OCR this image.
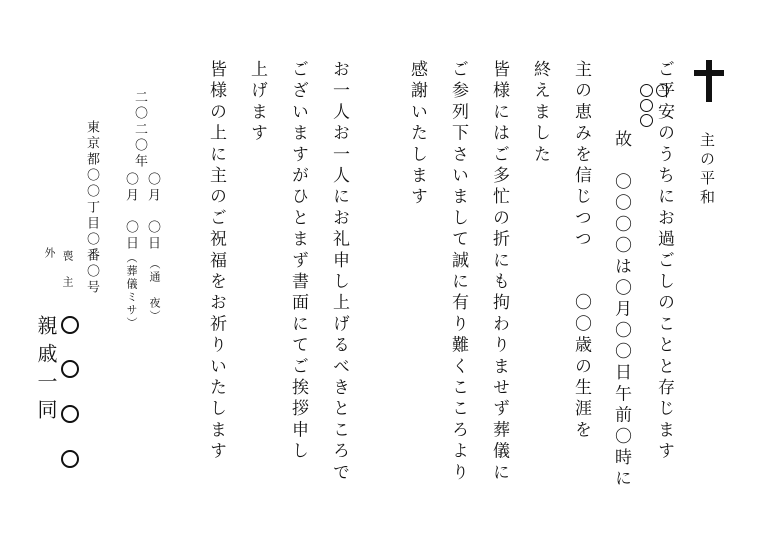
主の平和
ご平安のうちにお過ごしのことと存じます
故　〇〇〇〇は〇月〇〇日午前〇時に
主の恵みを信じつつ　　〇〇歳の生涯を
終えました
皆様にはご多忙の折にも拘わりませず葬儀に
ご参列下さいまして誠に有り難くこころより
感謝いたします
お一人お一人にお礼申し上げるべきところで
ございますがひとまず書面にてご挨拶申し
上げます
皆様の上に主のご祝福をお祈りいたします
二〇二〇年
〇月　〇日
（通　夜）
〇月　〇日
（葬儀ミサ）
東京都〇〇丁目〇番〇号
喪　主
外
親戚一同
